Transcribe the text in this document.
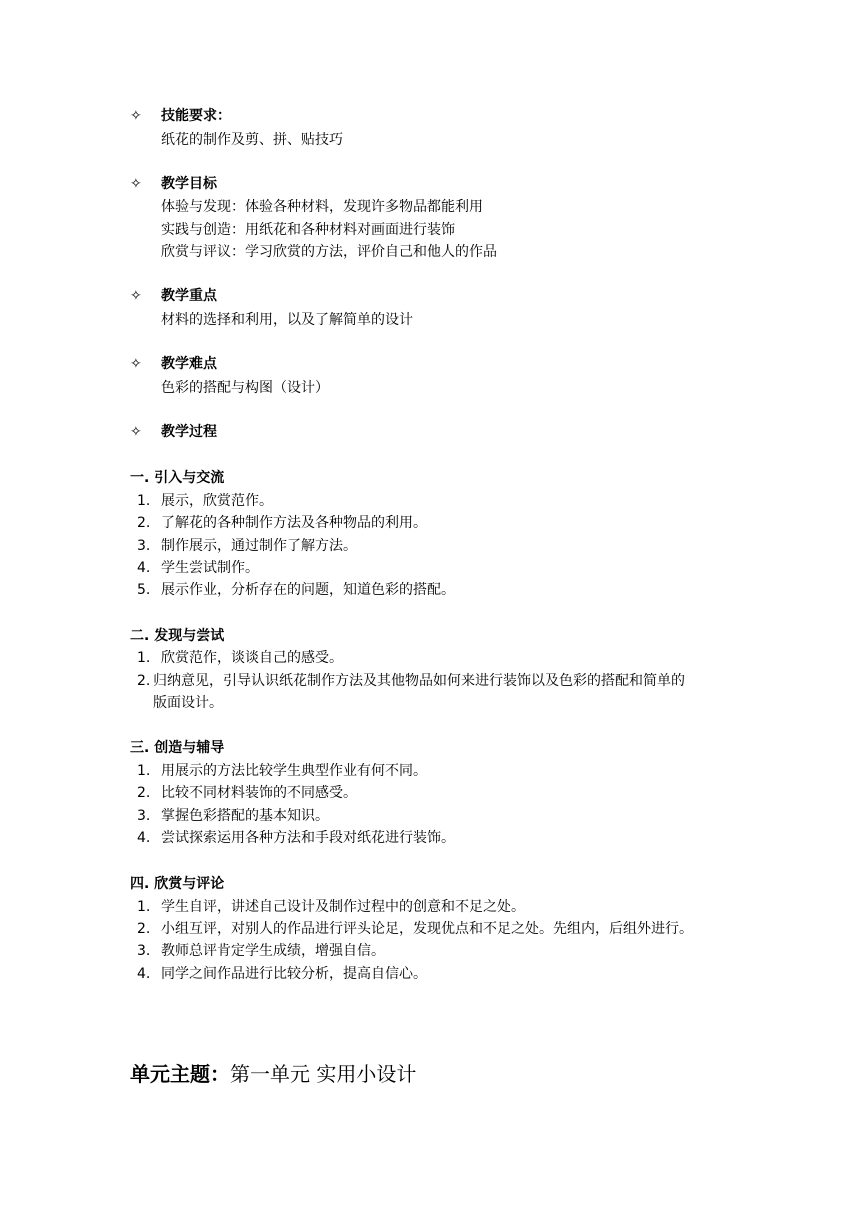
✧ 技能要求：
纸花的制作及剪、拼、贴技巧
✧ 教学目标
体验与发现：体验各种材料，发现许多物品都能利用
实践与创造：用纸花和各种材料对画面进行装饰
欣赏与评议：学习欣赏的方法，评价自己和他人的作品
✧ 教学重点
材料的选择和利用，以及了解简单的设计
✧ 教学难点
色彩的搭配与构图（设计）
✧ 教学过程
一. 引入与交流
1. 展示，欣赏范作。
2. 了解花的各种制作方法及各种物品的利用。
3. 制作展示，通过制作了解方法。
4. 学生尝试制作。
5. 展示作业，分析存在的问题，知道色彩的搭配。
二. 发现与尝试
1. 欣赏范作，谈谈自己的感受。
2. 归纳意见，引导认识纸花制作方法及其他物品如何来进行装饰以及色彩的搭配和简单的
版面设计。
三. 创造与辅导
1. 用展示的方法比较学生典型作业有何不同。
2. 比较不同材料装饰的不同感受。
3. 掌握色彩搭配的基本知识。
4. 尝试探索运用各种方法和手段对纸花进行装饰。
四. 欣赏与评论
1. 学生自评，讲述自己设计及制作过程中的创意和不足之处。
2. 小组互评，对别人的作品进行评头论足，发现优点和不足之处。先组内，后组外进行。
3. 教师总评肯定学生成绩，增强自信。
4. 同学之间作品进行比较分析，提高自信心。
单元主题：第一单元 实用小设计
